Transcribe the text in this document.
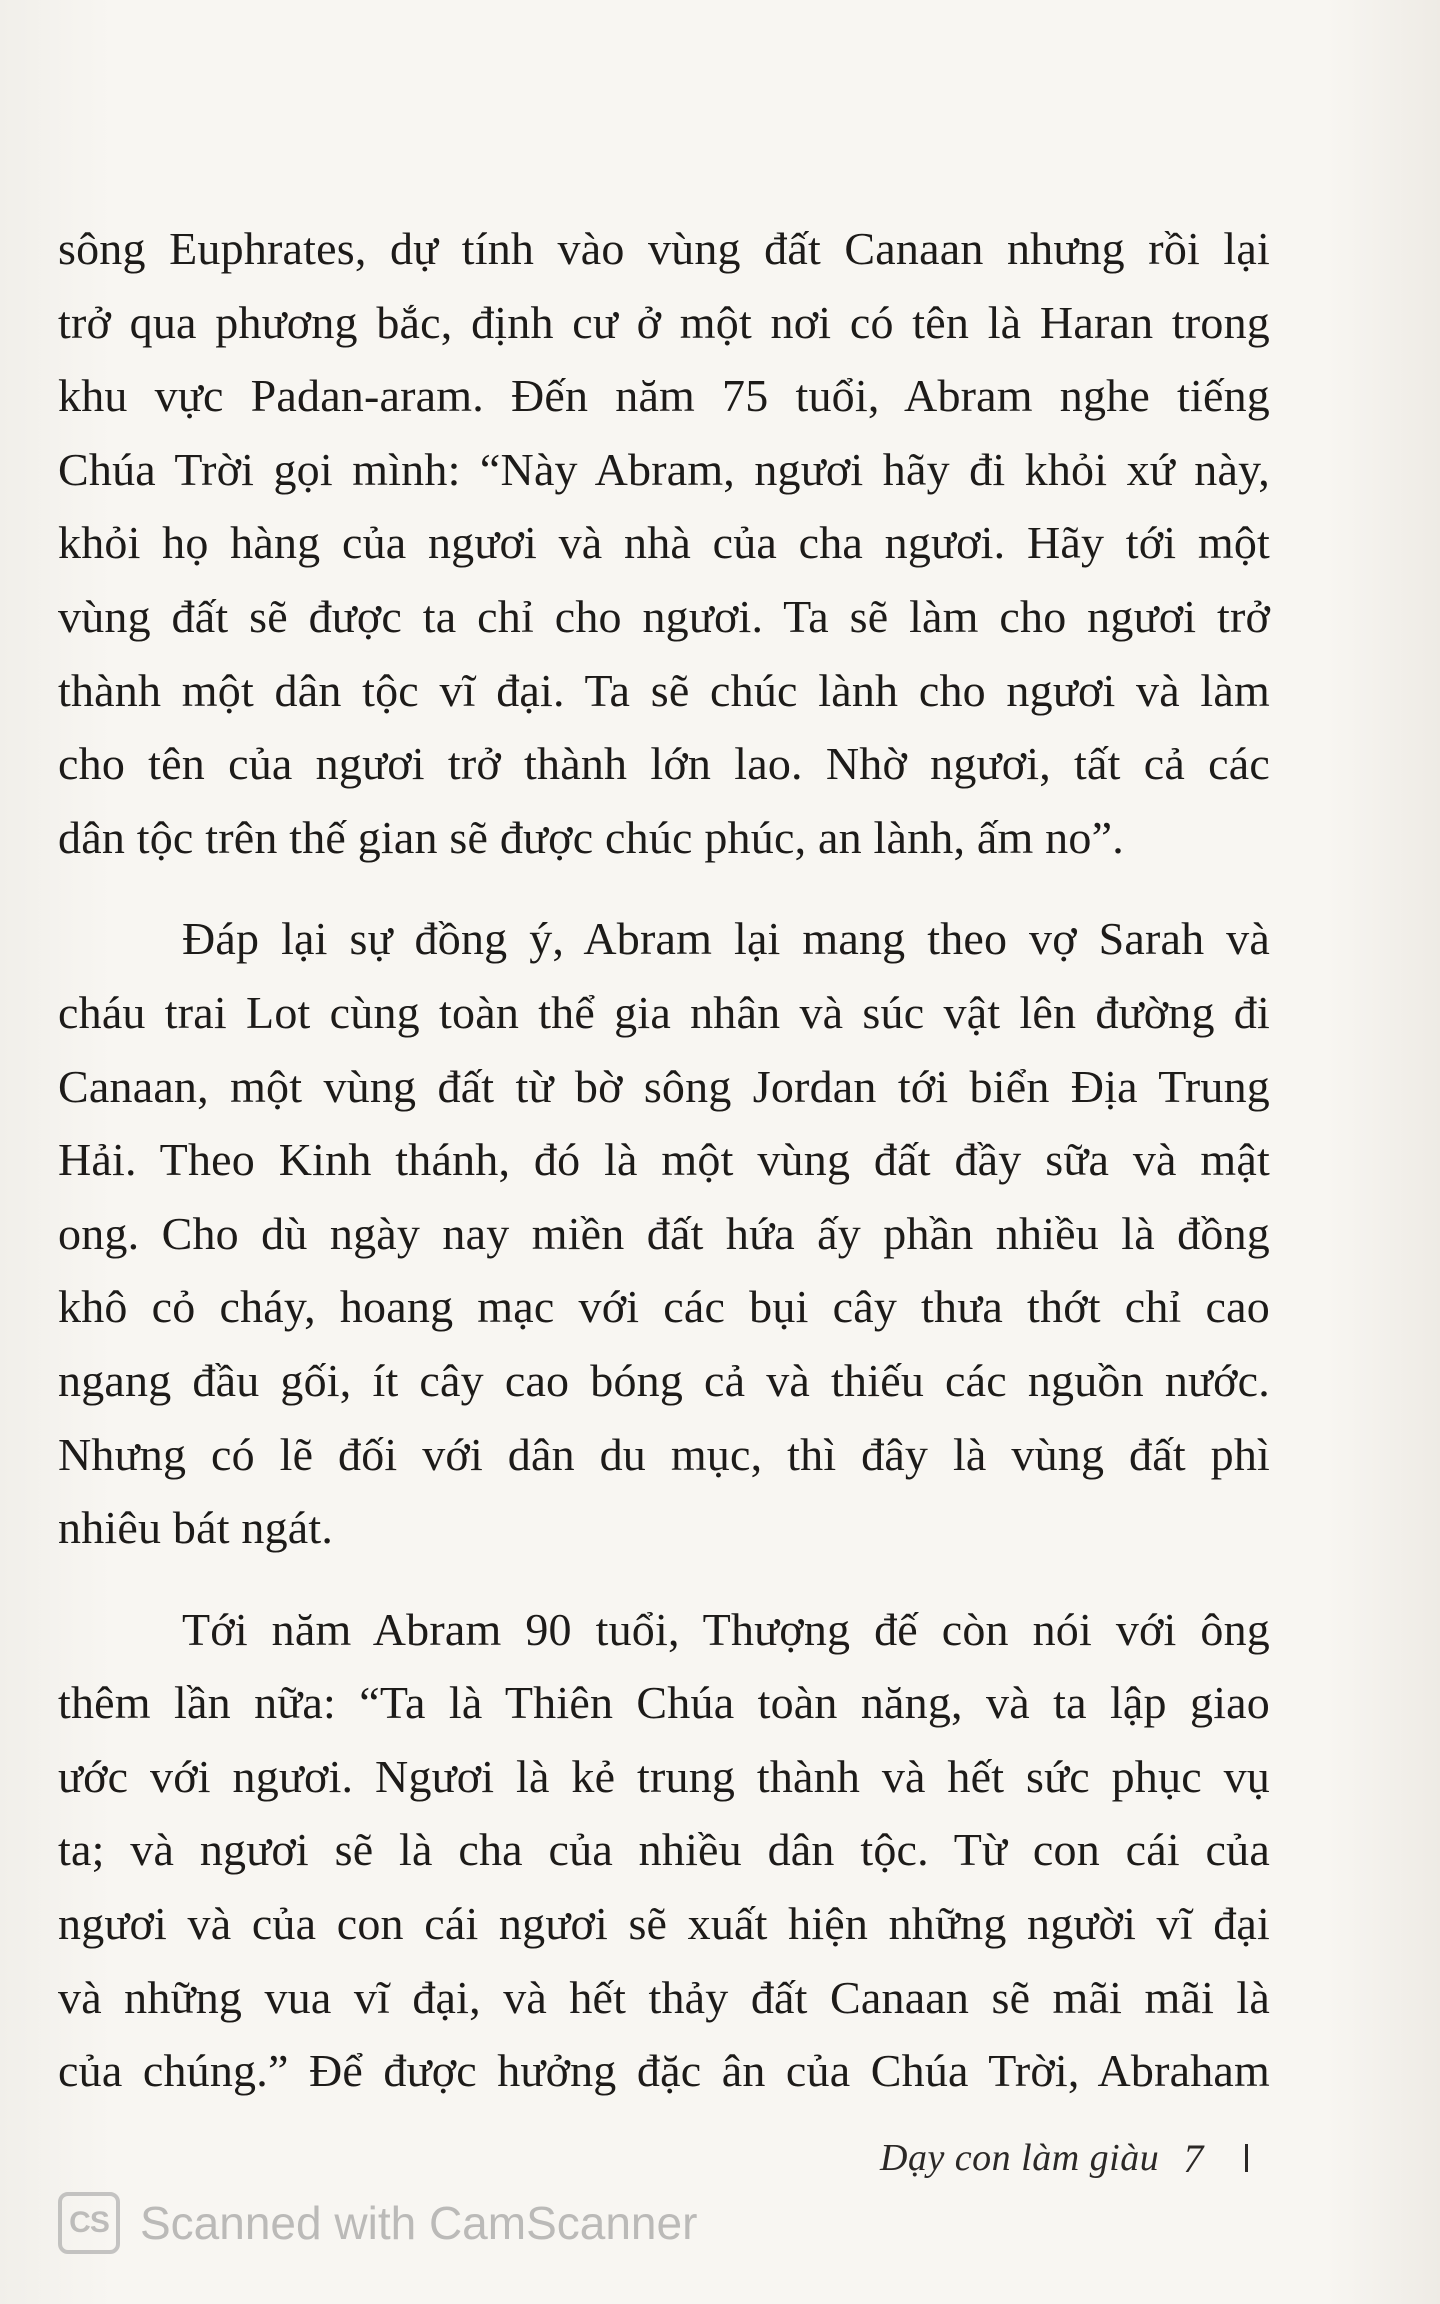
sông Euphrates, dự tính vào vùng đất Canaan nhưng rồi lại
trở qua phương bắc, định cư ở một nơi có tên là Haran trong
khu vực Padan-aram. Đến năm 75 tuổi, Abram nghe tiếng
Chúa Trời gọi mình: “Này Abram, ngươi hãy đi khỏi xứ này,
khỏi họ hàng của ngươi và nhà của cha ngươi. Hãy tới một
vùng đất sẽ được ta chỉ cho ngươi. Ta sẽ làm cho ngươi trở
thành một dân tộc vĩ đại. Ta sẽ chúc lành cho ngươi và làm
cho tên của ngươi trở thành lớn lao. Nhờ ngươi, tất cả các
dân tộc trên thế gian sẽ được chúc phúc, an lành, ấm no”.
Đáp lại sự đồng ý, Abram lại mang theo vợ Sarah và
cháu trai Lot cùng toàn thể gia nhân và súc vật lên đường đi
Canaan, một vùng đất từ bờ sông Jordan tới biển Địa Trung
Hải. Theo Kinh thánh, đó là một vùng đất đầy sữa và mật
ong. Cho dù ngày nay miền đất hứa ấy phần nhiều là đồng
khô cỏ cháy, hoang mạc với các bụi cây thưa thớt chỉ cao
ngang đầu gối, ít cây cao bóng cả và thiếu các nguồn nước.
Nhưng có lẽ đối với dân du mục, thì đây là vùng đất phì
nhiêu bát ngát.
Tới năm Abram 90 tuổi, Thượng đế còn nói với ông
thêm lần nữa: “Ta là Thiên Chúa toàn năng, và ta lập giao
ước với ngươi. Ngươi là kẻ trung thành và hết sức phục vụ
ta; và ngươi sẽ là cha của nhiều dân tộc. Từ con cái của
ngươi và của con cái ngươi sẽ xuất hiện những người vĩ đại
và những vua vĩ đại, và hết thảy đất Canaan sẽ mãi mãi là
của chúng.” Để được hưởng đặc ân của Chúa Trời, Abraham
Dạy con làm giàu 7
CS Scanned with CamScanner
